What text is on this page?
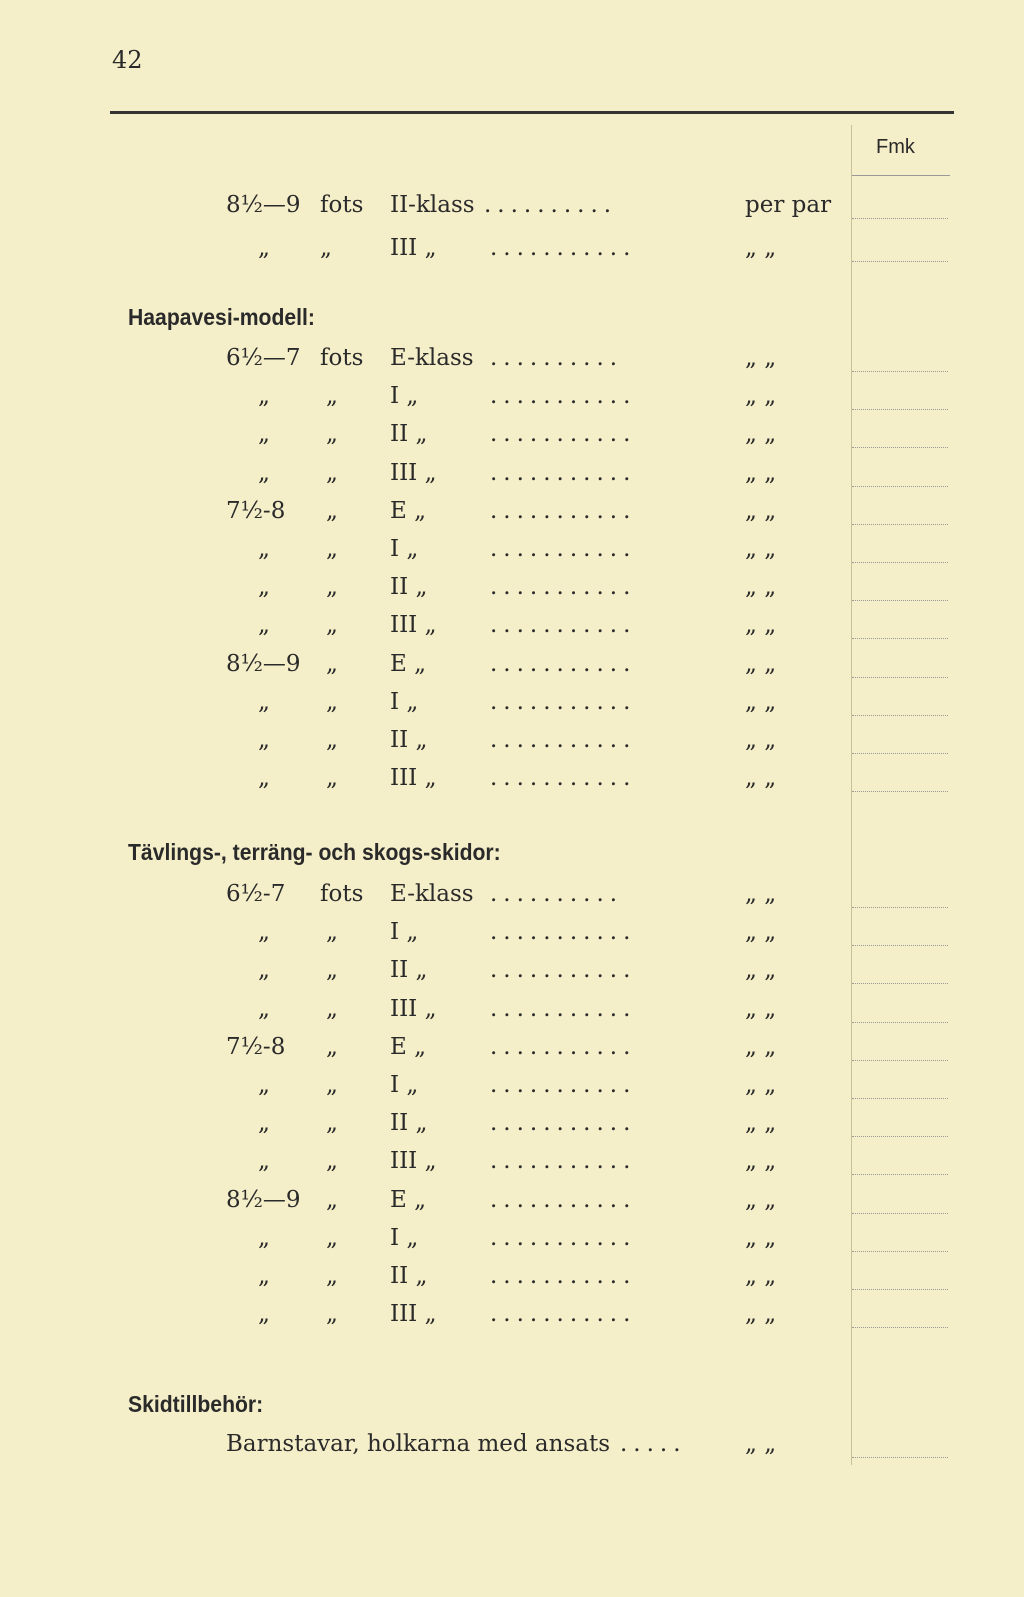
42
Fmk
8½—9 fots II-klass ..........	per par
„ „	III „ ...........	„ „
Haapavesi-modell:
6½—7 fots E-klass ..........	„ „
„ „ I „	...........	„ „
„ „ II „	...........	„ „
„ „ III „ ...........	„ „
7½-8 „ E „	...........	„ „
„ „ I „	...........	„ „
„ „ II „	...........	„ „
„ „ III „ ...........	„ „
8½—9 „ E „	...........	„ „
„ „ I „	...........	„ „
„ „ II „	...........	„ „
„ „ III „ ...........	„ „
Tävlings-, terräng- och skogs-skidor:
6½-7 fots E-klass ..........	„ „
„ „ I „	...........	„ „
„ „ II „	...........	„ „
„ „ III „ ...........	„ „
7½-8 „ E „	...........	„ „
„ „ I „	...........	„ „
„ „ II „	...........	„ „
„ „ III „ ...........	„ „
8½—9 „ E „	...........	„ „
„ „ I „	...........	„ „
„ „ II „	...........	„ „
„ „ III „ ...........	„ „
Skidtillbehör:
Barnstavar, holkarna med ansats .....	„ „
